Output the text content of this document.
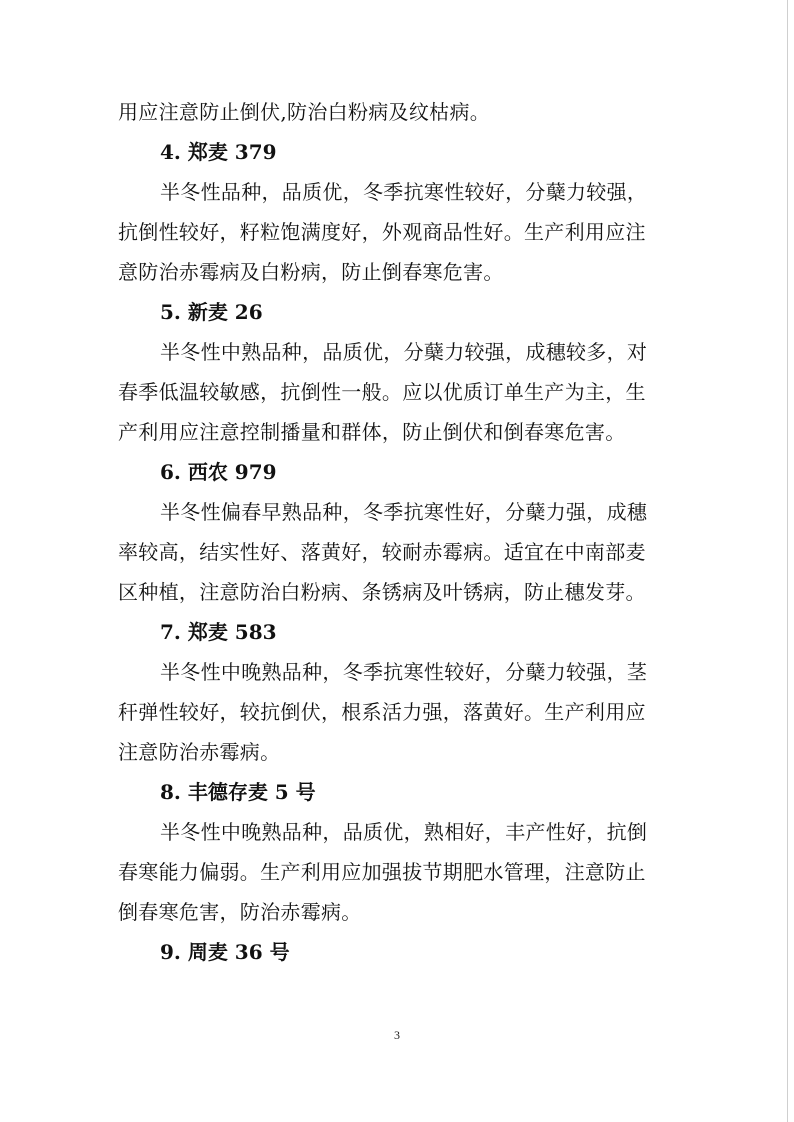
用应注意防止倒伏,防治白粉病及纹枯病。
4. 郑麦 379
半冬性品种，品质优，冬季抗寒性较好，分蘖力较强，
抗倒性较好，籽粒饱满度好，外观商品性好。生产利用应注
意防治赤霉病及白粉病，防止倒春寒危害。
5. 新麦 26
半冬性中熟品种，品质优，分蘖力较强，成穗较多，对
春季低温较敏感，抗倒性一般。应以优质订单生产为主，生
产利用应注意控制播量和群体，防止倒伏和倒春寒危害。
6. 西农 979
半冬性偏春早熟品种，冬季抗寒性好，分蘖力强，成穗
率较高，结实性好、落黄好，较耐赤霉病。适宜在中南部麦
区种植，注意防治白粉病、条锈病及叶锈病，防止穗发芽。
7. 郑麦 583
半冬性中晚熟品种，冬季抗寒性较好，分蘖力较强，茎
秆弹性较好，较抗倒伏，根系活力强，落黄好。生产利用应
注意防治赤霉病。
8. 丰德存麦 5 号
半冬性中晚熟品种，品质优，熟相好，丰产性好，抗倒
春寒能力偏弱。生产利用应加强拔节期肥水管理，注意防止
倒春寒危害，防治赤霉病。
9. 周麦 36 号
3
